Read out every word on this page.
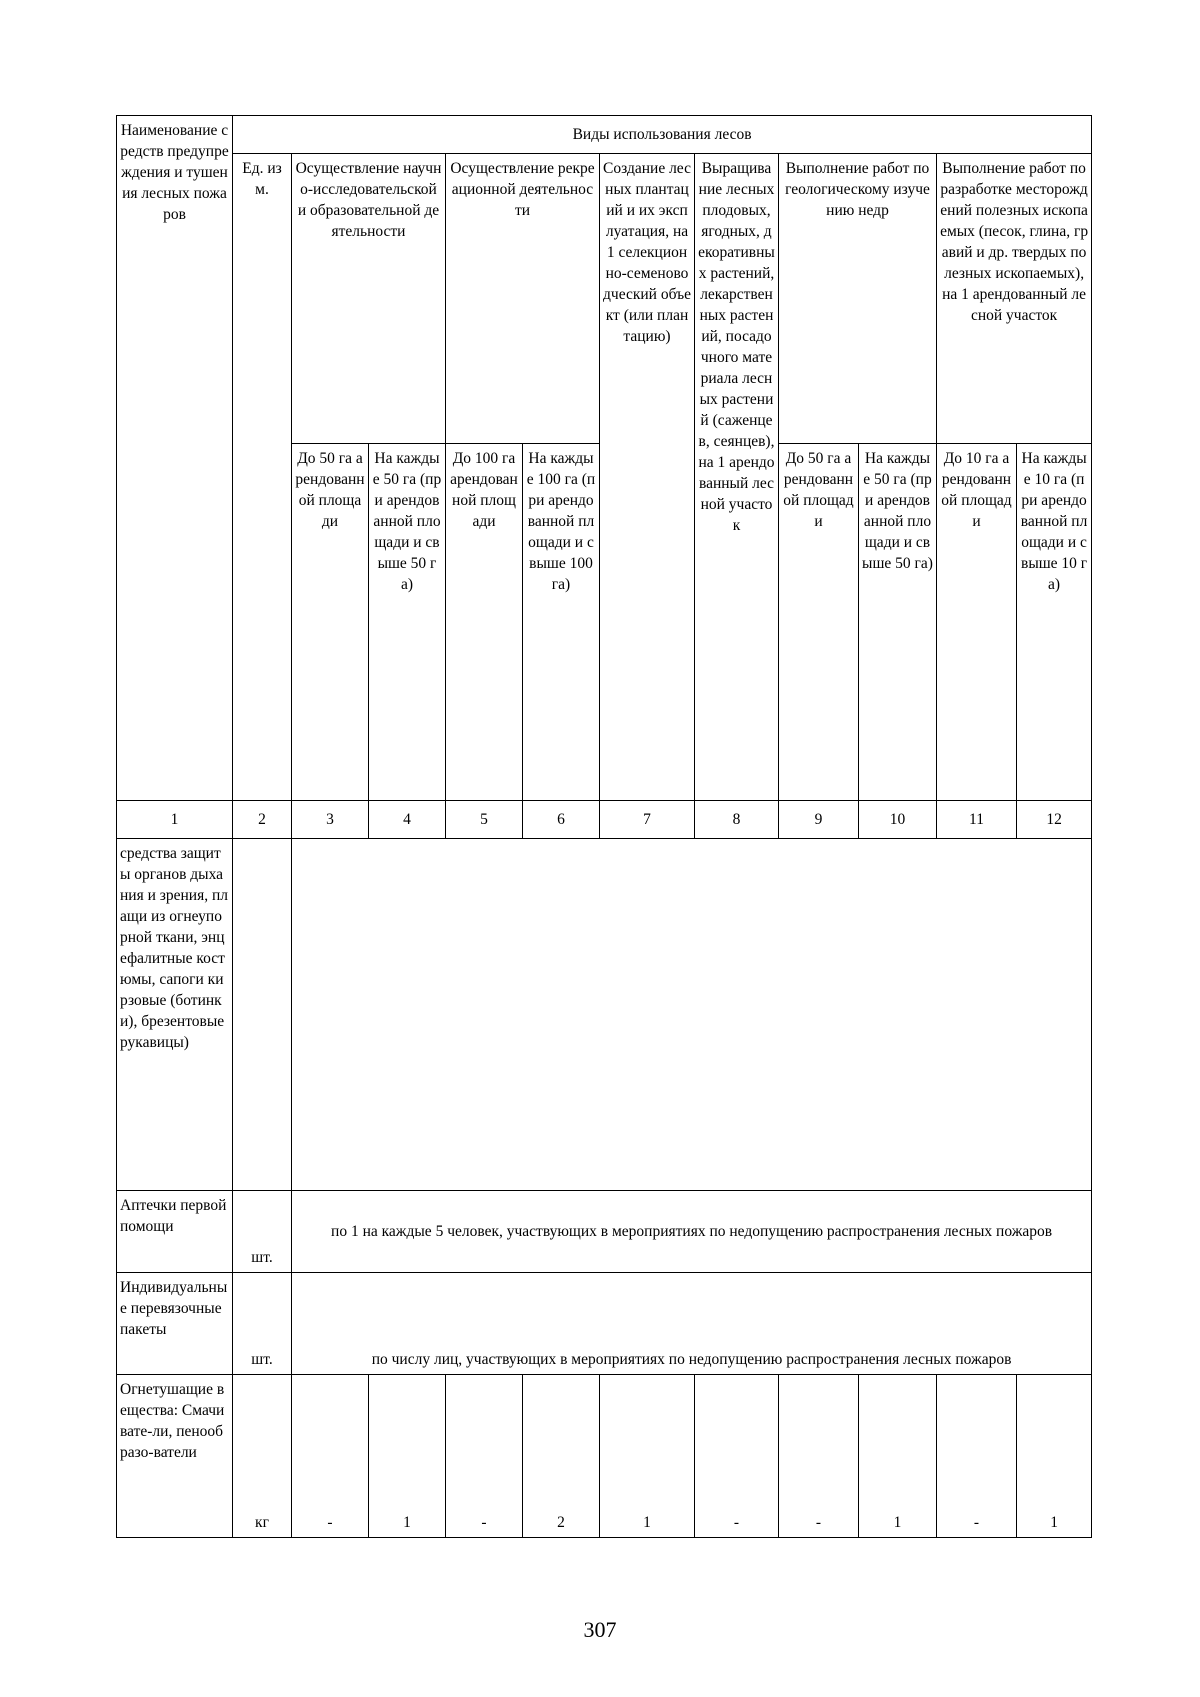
Наименование средств предупреждения и тушения лесных пожаров	Виды использования лесов										
	Ед. изм.	Осуществление научно-исследовательской и образовательной деятельности		Осуществление рекреационной деятельности		Создание лесных плантаций и их эксплуатация, на 1 селекционно-семеноводческий объект (или плантацию)	Выращивание лесных плодовых, ягодных, декоративных растений, лекарственных растений, посадочного материала лесных растений (саженцев, сеянцев), на 1 арендованный лесной участок	Выполнение работ по геологическому изучению недр		Выполнение работ по разработке месторождений полезных ископаемых (песок, глина, гравий и др. твердых полезных ископаемых), на 1 арендованный лесной участок	
		До 50 га арендованной площади	На каждые 50 га (при арендованной площади и свыше 50 га)	До 100 га арендованной площади	На каждые 100 га (при арендованной площади и свыше 100 га)			До 50 га арендованной площади	На каждые 50 га (при арендованной площади и свыше 50 га)	До 10 га арендованной площади	На каждые 10 га (при арендованной площади и свыше 10 га)
1	2	3	4	5	6	7	8	9	10	11	12
средства защиты органов дыхания и зрения, плащи из огнеупорной ткани, энцефалитные костюмы, сапоги кирзовые (ботинки), брезентовые рукавицы)											
Аптечки первой помощи	шт.	по 1 на каждые 5 человек, участвующих в мероприятиях по недопущению распространения лесных пожаров									
Индивидуальные перевязочные пакеты	шт.	по числу лиц, участвующих в мероприятиях по недопущению распространения лесных пожаров									
Огнетушащие вещества: Смачивате-ли, пенообразо-ватели	кг	-	1	-	2	1	-	-	1	-	1
307
